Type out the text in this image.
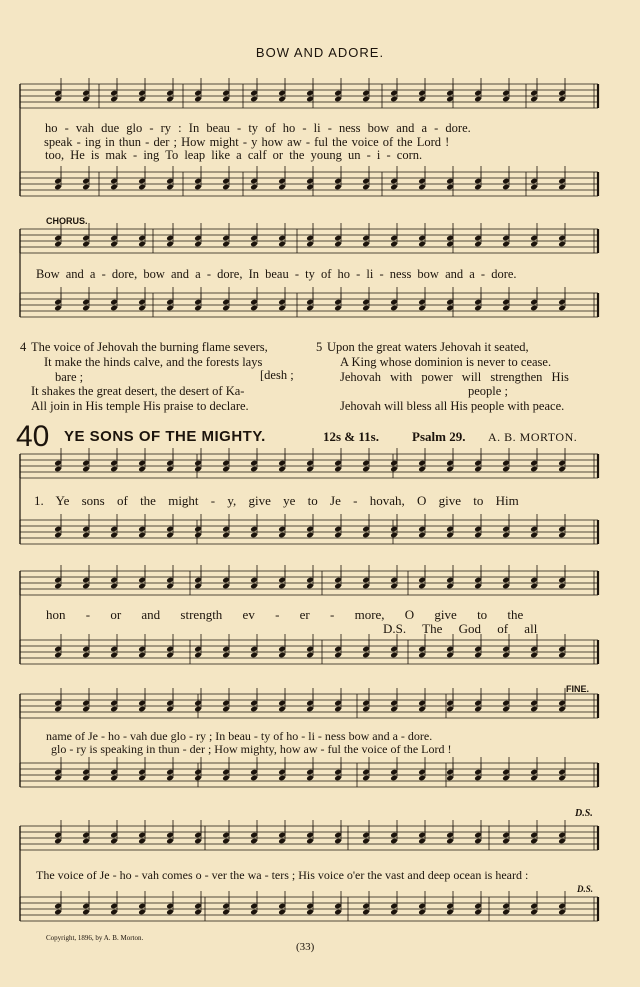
BOW AND ADORE.
ho - vah due glo - ry : In beau - ty of ho - li - ness bow and a - dore.
speak - ing in thun - der ; How might - y how aw - ful the voice of the Lord !
too, He is mak - ing To leap like a calf or the young un - i - corn.
CHORUS.
Bow and a - dore, bow and a - dore, In beau - ty of ho - li - ness bow and a - dore.
4 The voice of Jehovah the burning flame severs,
It make the hinds calve, and the forests lays
bare ;	[desh ;
It shakes the great desert, the desert of Ka-
All join in His temple His praise to declare.
5 Upon the great waters Jehovah it seated,
A King whose dominion is never to cease.
Jehovah with power will strengthen His
people ;
Jehovah will bless all His people with peace.
40 YE SONS OF THE MIGHTY.	12s & 11s.	Psalm 29. A. B. MORTON.
1. Ye sons of the might - y, give ye to Je - hovah, O give to Him
hon - or and strength ev - er - more, O give to the
D.S. The God of all
FINE.
name of Je - ho - vah due glo - ry ; In beau - ty of ho - li - ness bow and a - dore.
glo - ry is speaking in thun - der ; How mighty, how aw - ful the voice of the Lord !
D.S.
The voice of Je - ho - vah comes o - ver the wa - ters ; His voice o'er the vast and deep ocean is heard :
D.S.
Copyright, 1896, by A. B. Morton.
(33)
